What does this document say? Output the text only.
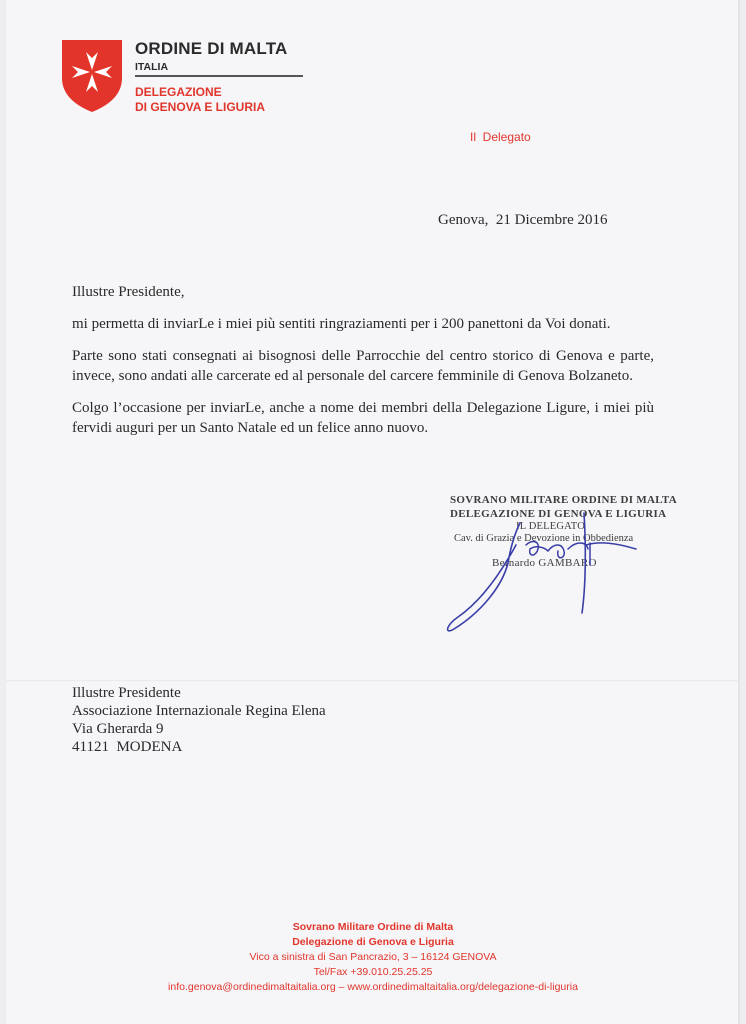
ORDINE DI MALTA
ITALIA
DELEGAZIONE
DI GENOVA E LIGURIA
Il  Delegato
Genova,  21 Dicembre 2016
Illustre Presidente,

mi permetta di inviarLe i miei più sentiti ringraziamenti per i 200 panettoni da Voi donati.

Parte sono stati consegnati ai bisognosi delle Parrocchie del centro storico di Genova e parte, invece, sono andati alle carcerate ed al personale del carcere femminile di Genova Bolzaneto.

Colgo l’occasione per inviarLe, anche a nome dei membri della Delegazione Ligure, i miei più fervidi auguri per un Santo Natale ed un felice anno nuovo.

SOVRANO MILITARE ORDINE DI MALTA
DELEGAZIONE DI GENOVA E LIGURIA
IL DELEGATO
Cav. di Grazia e Devozione in Obbedienza
Bernardo GAMBARO
Illustre Presidente
Associazione Internazionale Regina Elena
Via Gherarda 9
41121  MODENA
Sovrano Militare Ordine di Malta
Delegazione di Genova e Liguria
Vico a sinistra di San Pancrazio, 3 – 16124 GENOVA
Tel/Fax +39.010.25.25.25
info.genova@ordinedimaltaitalia.org – www.ordinedimaltaitalia.org/delegazione-di-liguria
